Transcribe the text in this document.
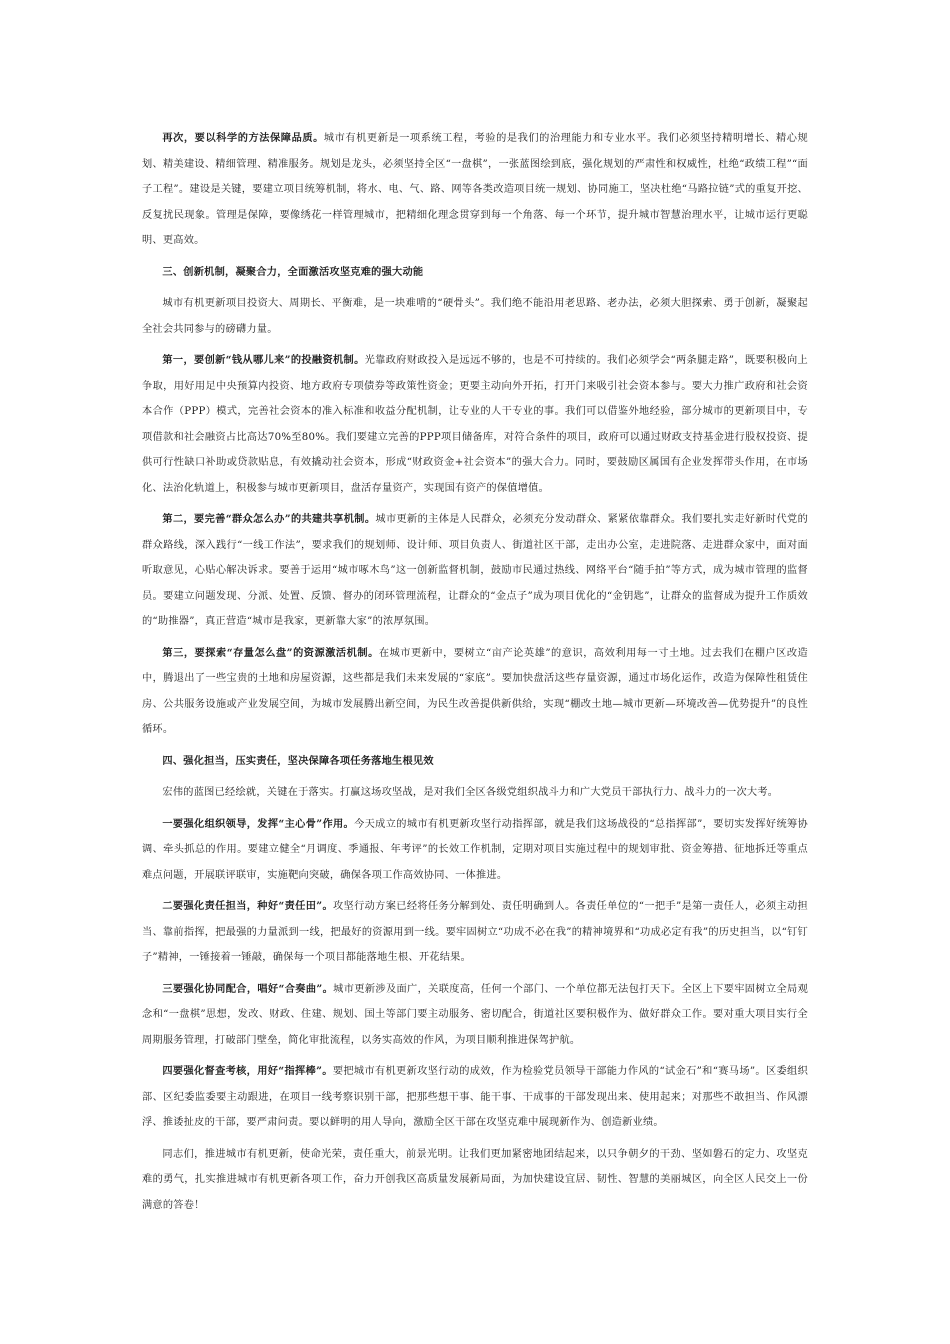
再次，要以科学的方法保障品质。城市有机更新是一项系统工程，考验的是我们的治理能力和专业水平。我们必须坚持精明增长、精心规划、精美建设、精细管理、精准服务。规划是龙头，必须坚持全区“一盘棋”，一张蓝图绘到底，强化规划的严肃性和权威性，杜绝“政绩工程”“面子工程”。建设是关键，要建立项目统筹机制，将水、电、气、路、网等各类改造项目统一规划、协同施工，坚决杜绝“马路拉链”式的重复开挖、反复扰民现象。管理是保障，要像绣花一样管理城市，把精细化理念贯穿到每一个角落、每一个环节，提升城市智慧治理水平，让城市运行更聪明、更高效。

三、创新机制，凝聚合力，全面激活攻坚克难的强大动能

城市有机更新项目投资大、周期长、平衡难，是一块难啃的“硬骨头”。我们绝不能沿用老思路、老办法，必须大胆探索、勇于创新，凝聚起全社会共同参与的磅礴力量。

第一，要创新“钱从哪儿来”的投融资机制。光靠政府财政投入是远远不够的，也是不可持续的。我们必须学会“两条腿走路”，既要积极向上争取，用好用足中央预算内投资、地方政府专项债券等政策性资金；更要主动向外开拓，打开门来吸引社会资本参与。要大力推广政府和社会资本合作（PPP）模式，完善社会资本的准入标准和收益分配机制，让专业的人干专业的事。我们可以借鉴外地经验，部分城市的更新项目中，专项借款和社会融资占比高达70%至80%。我们要建立完善的PPP项目储备库，对符合条件的项目，政府可以通过财政支持基金进行股权投资、提供可行性缺口补助或贷款贴息，有效撬动社会资本，形成“财政资金+社会资本”的强大合力。同时，要鼓励区属国有企业发挥带头作用，在市场化、法治化轨道上，积极参与城市更新项目，盘活存量资产，实现国有资产的保值增值。

第二，要完善“群众怎么办”的共建共享机制。城市更新的主体是人民群众，必须充分发动群众、紧紧依靠群众。我们要扎实走好新时代党的群众路线，深入践行“一线工作法”，要求我们的规划师、设计师、项目负责人、街道社区干部，走出办公室，走进院落、走进群众家中，面对面听取意见，心贴心解决诉求。要善于运用“城市啄木鸟”这一创新监督机制，鼓励市民通过热线、网络平台“随手拍”等方式，成为城市管理的监督员。要建立问题发现、分派、处置、反馈、督办的闭环管理流程，让群众的“金点子”成为项目优化的“金钥匙”，让群众的监督成为提升工作质效的“助推器”，真正营造“城市是我家，更新靠大家”的浓厚氛围。

第三，要探索“存量怎么盘”的资源激活机制。在城市更新中，要树立“亩产论英雄”的意识，高效利用每一寸土地。过去我们在棚户区改造中，腾退出了一些宝贵的土地和房屋资源，这些都是我们未来发展的“家底”。要加快盘活这些存量资源，通过市场化运作，改造为保障性租赁住房、公共服务设施或产业发展空间，为城市发展腾出新空间，为民生改善提供新供给，实现“棚改土地—城市更新—环境改善—优势提升”的良性循环。

四、强化担当，压实责任，坚决保障各项任务落地生根见效

宏伟的蓝图已经绘就，关键在于落实。打赢这场攻坚战，是对我们全区各级党组织战斗力和广大党员干部执行力、战斗力的一次大考。

一要强化组织领导，发挥“主心骨”作用。今天成立的城市有机更新攻坚行动指挥部，就是我们这场战役的“总指挥部”，要切实发挥好统筹协调、牵头抓总的作用。要建立健全“月调度、季通报、年考评”的长效工作机制，定期对项目实施过程中的规划审批、资金筹措、征地拆迁等重点难点问题，开展联评联审，实施靶向突破，确保各项工作高效协同、一体推进。

二要强化责任担当，种好“责任田”。攻坚行动方案已经将任务分解到处、责任明确到人。各责任单位的“一把手”是第一责任人，必须主动担当、靠前指挥，把最强的力量派到一线，把最好的资源用到一线。要牢固树立“功成不必在我”的精神境界和“功成必定有我”的历史担当，以“钉钉子”精神，一锤接着一锤敲，确保每一个项目都能落地生根、开花结果。

三要强化协同配合，唱好“合奏曲”。城市更新涉及面广，关联度高，任何一个部门、一个单位都无法包打天下。全区上下要牢固树立全局观念和“一盘棋”思想，发改、财政、住建、规划、国土等部门要主动服务、密切配合，街道社区要积极作为、做好群众工作。要对重大项目实行全周期服务管理，打破部门壁垒，简化审批流程，以务实高效的作风，为项目顺利推进保驾护航。

四要强化督查考核，用好“指挥棒”。要把城市有机更新攻坚行动的成效，作为检验党员领导干部能力作风的“试金石”和“赛马场”。区委组织部、区纪委监委要主动跟进，在项目一线考察识别干部，把那些想干事、能干事、干成事的干部发现出来、使用起来；对那些不敢担当、作风漂浮、推诿扯皮的干部，要严肃问责。要以鲜明的用人导向，激励全区干部在攻坚克难中展现新作为、创造新业绩。

同志们，推进城市有机更新，使命光荣，责任重大，前景光明。让我们更加紧密地团结起来，以只争朝夕的干劲、坚如磐石的定力、攻坚克难的勇气，扎实推进城市有机更新各项工作，奋力开创我区高质量发展新局面，为加快建设宜居、韧性、智慧的美丽城区，向全区人民交上一份满意的答卷！
